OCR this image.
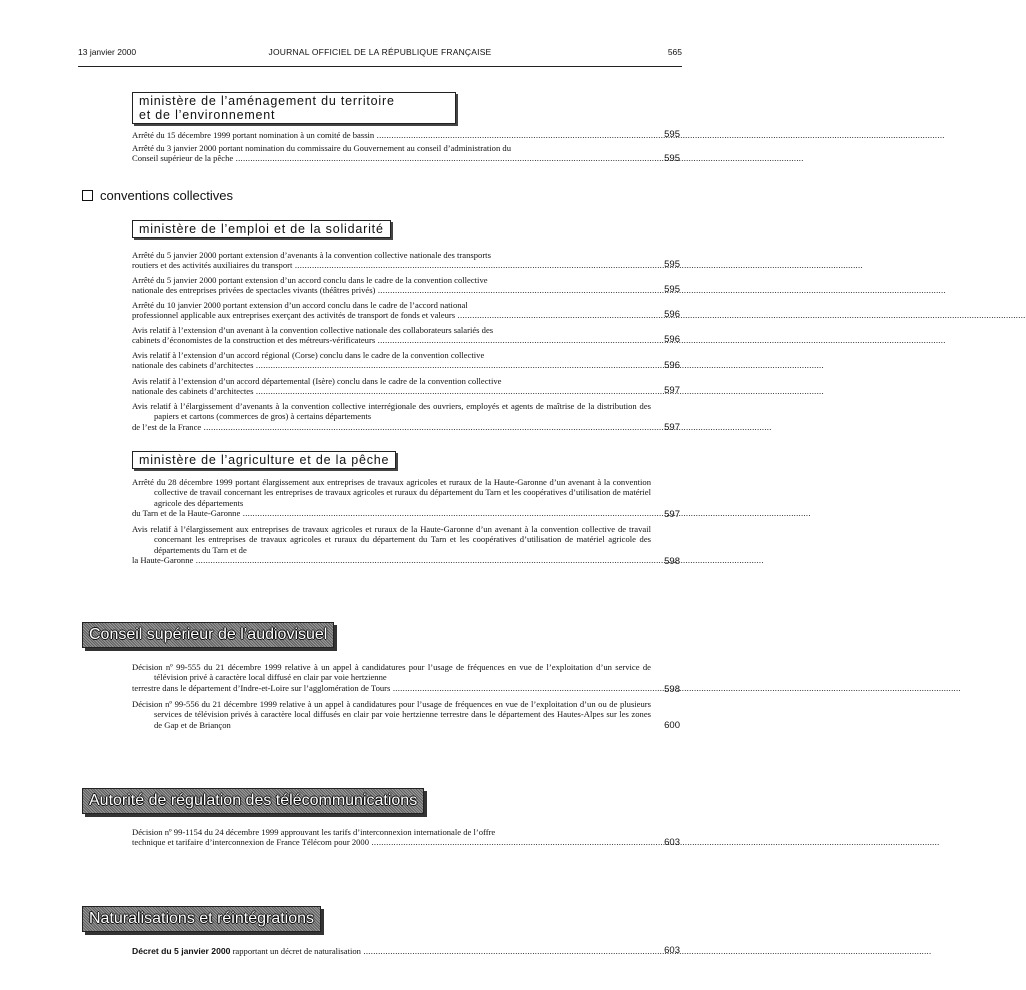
13 janvier 2000	JOURNAL OFFICIEL DE LA RÉPUBLIQUE FRANÇAISE	565
ministère de l’aménagement du territoire
et de l’environnement
Arrêté du 15 décembre 1999 portant nomination à un comité de bassin .....	595
Arrêté du 3 janvier 2000 portant nomination du commissaire du Gouvernement au conseil d’administration du
Conseil supérieur de la pêche .....	595
conventions collectives
ministère de l’emploi et de la solidarité
Arrêté du 5 janvier 2000 portant extension d’avenants à la convention collective nationale des transports
routiers et des activités auxiliaires du transport .....	595
Arrêté du 5 janvier 2000 portant extension d’un accord conclu dans le cadre de la convention collective
nationale des entreprises privées de spectacles vivants (théâtres privés) .....	595
Arrêté du 10 janvier 2000 portant extension d’un accord conclu dans le cadre de l’accord national
professionnel applicable aux entreprises exerçant des activités de transport de fonds et valeurs .....	596
Avis relatif à l’extension d’un avenant à la convention collective nationale des collaborateurs salariés des
cabinets d’économistes de la construction et des métreurs-vérificateurs .....	596
Avis relatif à l’extension d’un accord régional (Corse) conclu dans le cadre de la convention collective
nationale des cabinets d’architectes .....	596
Avis relatif à l’extension d’un accord départemental (Isère) conclu dans le cadre de la convention collective
nationale des cabinets d’architectes .....	597
Avis relatif à l’élargissement d’avenants à la convention collective interrégionale des ouvriers, employés et agents de maîtrise de la distribution des papiers et cartons (commerces de gros) à certains départements
de l’est de la France .....	597
ministère de l’agriculture et de la pêche
Arrêté du 28 décembre 1999 portant élargissement aux entreprises de travaux agricoles et ruraux de la Haute-Garonne d’un avenant à la convention collective de travail concernant les entreprises de travaux agricoles et ruraux du département du Tarn et les coopératives d’utilisation de matériel agricole des départements
du Tarn et de la Haute-Garonne .....	597
Avis relatif à l’élargissement aux entreprises de travaux agricoles et ruraux de la Haute-Garonne d’un avenant à la convention collective de travail concernant les entreprises de travaux agricoles et ruraux du département du Tarn et les coopératives d’utilisation de matériel agricole des départements du Tarn et de
la Haute-Garonne .....	598
Conseil supérieur de l’audiovisuel
Décision nº 99-555 du 21 décembre 1999 relative à un appel à candidatures pour l’usage de fréquences en vue de l’exploitation d’un service de télévision privé à caractère local diffusé en clair par voie hertzienne
terrestre dans le département d’Indre-et-Loire sur l’agglomération de Tours .....	598
Décision nº 99-556 du 21 décembre 1999 relative à un appel à candidatures pour l’usage de fréquences en vue de l’exploitation d’un ou de plusieurs services de télévision privés à caractère local diffusés en clair par voie hertzienne terrestre dans le département des Hautes-Alpes sur les zones de Gap et de Briançon	600
Autorité de régulation des télécommunications
Décision nº 99-1154 du 24 décembre 1999 approuvant les tarifs d’interconnexion internationale de l’offre
technique et tarifaire d’interconnexion de France Télécom pour 2000 .....	603
Naturalisations et réintégrations
Décret du 5 janvier 2000 rapportant un décret de naturalisation .....	603
